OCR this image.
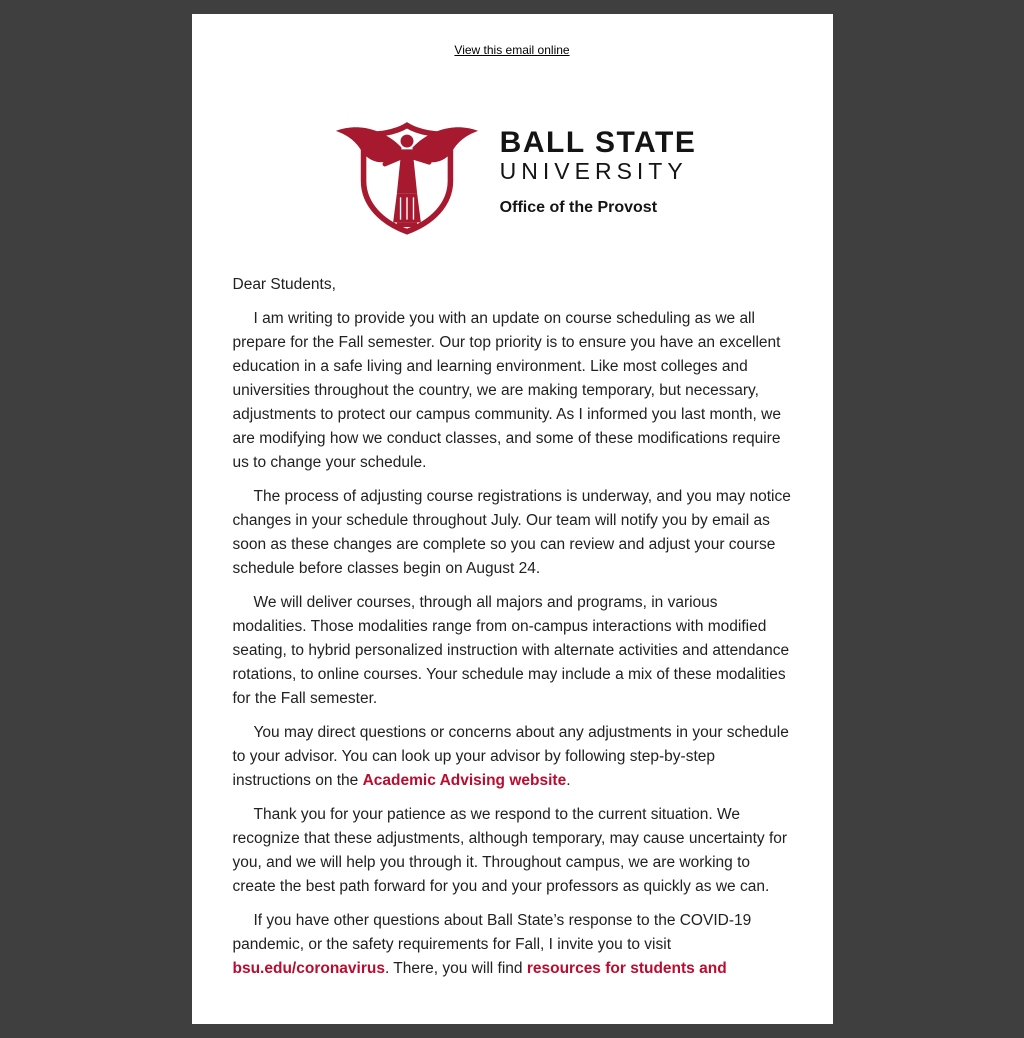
View this email online
BALL STATE
UNIVERSITY
Office of the Provost

Dear Students,

I am writing to provide you with an update on course scheduling as we all prepare for the Fall semester. Our top priority is to ensure you have an excellent education in a safe living and learning environment. Like most colleges and universities throughout the country, we are making temporary, but necessary, adjustments to protect our campus community. As I informed you last month, we are modifying how we conduct classes, and some of these modifications require us to change your schedule.

The process of adjusting course registrations is underway, and you may notice changes in your schedule throughout July. Our team will notify you by email as soon as these changes are complete so you can review and adjust your course schedule before classes begin on August 24.

We will deliver courses, through all majors and programs, in various modalities. Those modalities range from on-campus interactions with modified seating, to hybrid personalized instruction with alternate activities and attendance rotations, to online courses. Your schedule may include a mix of these modalities for the Fall semester.

You may direct questions or concerns about any adjustments in your schedule to your advisor. You can look up your advisor by following step-by-step instructions on the Academic Advising website.

Thank you for your patience as we respond to the current situation. We recognize that these adjustments, although temporary, may cause uncertainty for you, and we will help you through it. Throughout campus, we are working to create the best path forward for you and your professors as quickly as we can.

If you have other questions about Ball State’s response to the COVID-19 pandemic, or the safety requirements for Fall, I invite you to visit bsu.edu/coronavirus. There, you will find resources for students and
